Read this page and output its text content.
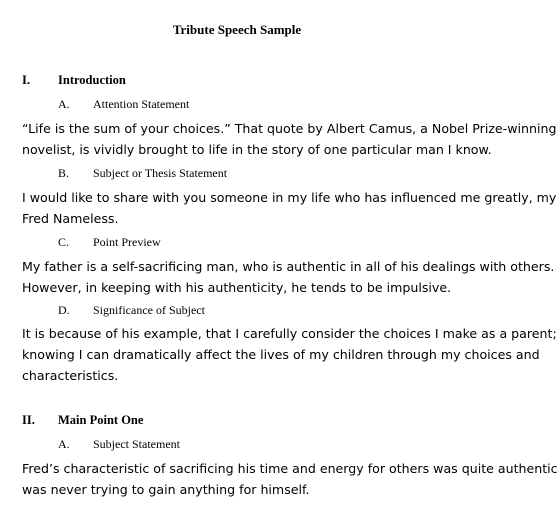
Tribute Speech Sample
I. Introduction
A. Attention Statement
“Life is the sum of your choices.” That quote by Albert Camus, a Nobel Prize-winning
novelist, is vividly brought to life in the story of one particular man I know.
B. Subject or Thesis Statement
I would like to share with you someone in my life who has influenced me greatly, my
Fred Nameless.
C. Point Preview
My father is a self-sacrificing man, who is authentic in all of his dealings with others.
However, in keeping with his authenticity, he tends to be impulsive.
D. Significance of Subject
It is because of his example, that I carefully consider the choices I make as a parent;
knowing I can dramatically affect the lives of my children through my choices and
characteristics.
II. Main Point One
A. Subject Statement
Fred’s characteristic of sacrificing his time and energy for others was quite authentic
was never trying to gain anything for himself.
